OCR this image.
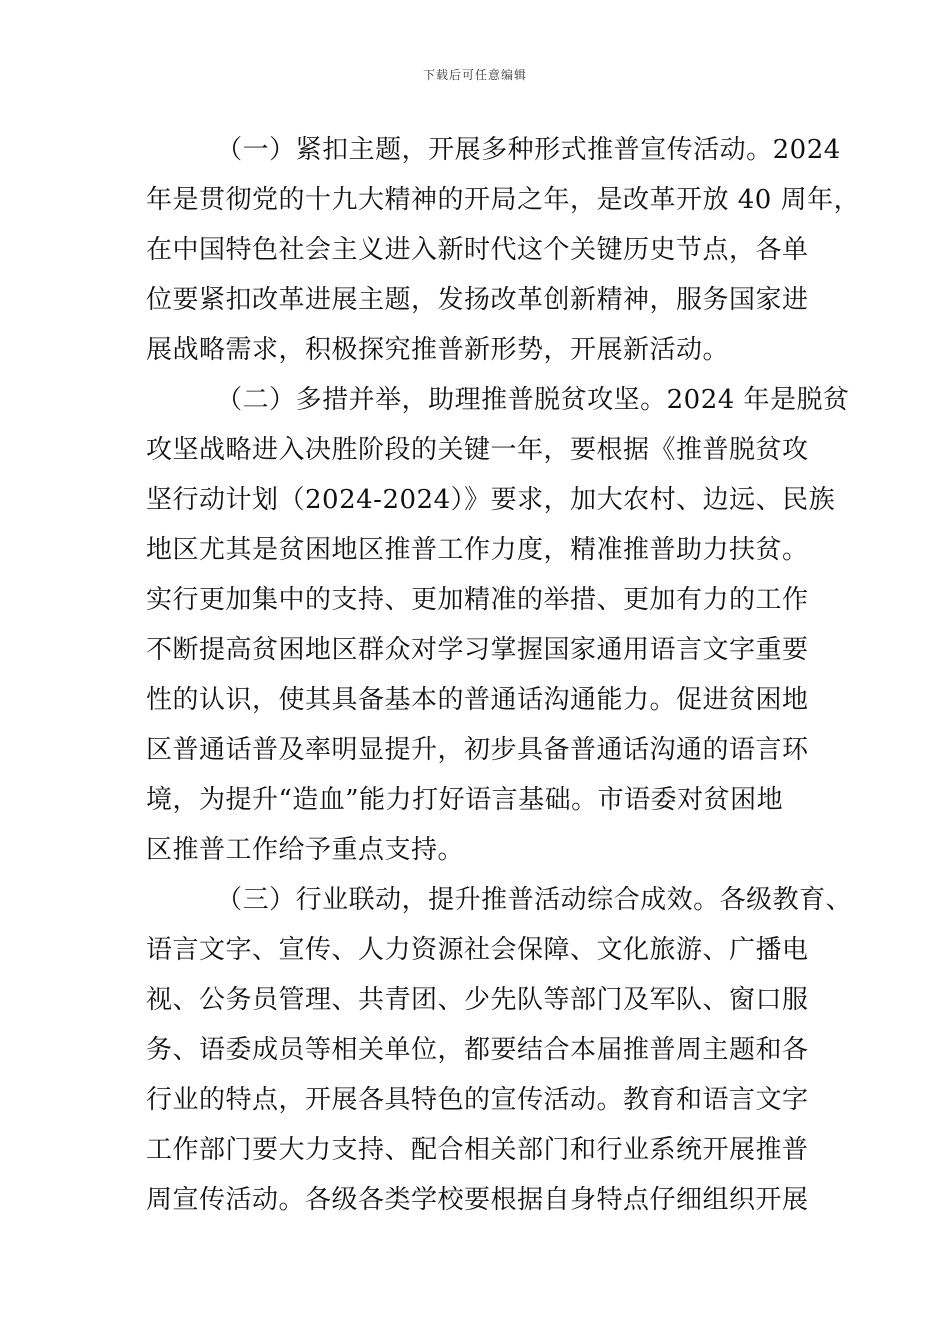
下载后可任意编辑
（一）紧扣主题，开展多种形式推普宣传活动。2024
年是贯彻党的十九大精神的开局之年，是改革开放 40 周年，
在中国特色社会主义进入新时代这个关键历史节点，各单
位要紧扣改革进展主题，发扬改革创新精神，服务国家进
展战略需求，积极探究推普新形势，开展新活动。
（二）多措并举，助理推普脱贫攻坚。2024 年是脱贫
攻坚战略进入决胜阶段的关键一年，要根据《推普脱贫攻
坚行动计划（2024-2024）》要求，加大农村、边远、民族
地区尤其是贫困地区推普工作力度，精准推普助力扶贫。
实行更加集中的支持、更加精准的举措、更加有力的工作
不断提高贫困地区群众对学习掌握国家通用语言文字重要
性的认识，使其具备基本的普通话沟通能力。促进贫困地
区普通话普及率明显提升，初步具备普通话沟通的语言环
境，为提升“造血”能力打好语言基础。市语委对贫困地
区推普工作给予重点支持。
（三）行业联动，提升推普活动综合成效。各级教育、
语言文字、宣传、人力资源社会保障、文化旅游、广播电
视、公务员管理、共青团、少先队等部门及军队、窗口服
务、语委成员等相关单位，都要结合本届推普周主题和各
行业的特点，开展各具特色的宣传活动。教育和语言文字
工作部门要大力支持、配合相关部门和行业系统开展推普
周宣传活动。各级各类学校要根据自身特点仔细组织开展
